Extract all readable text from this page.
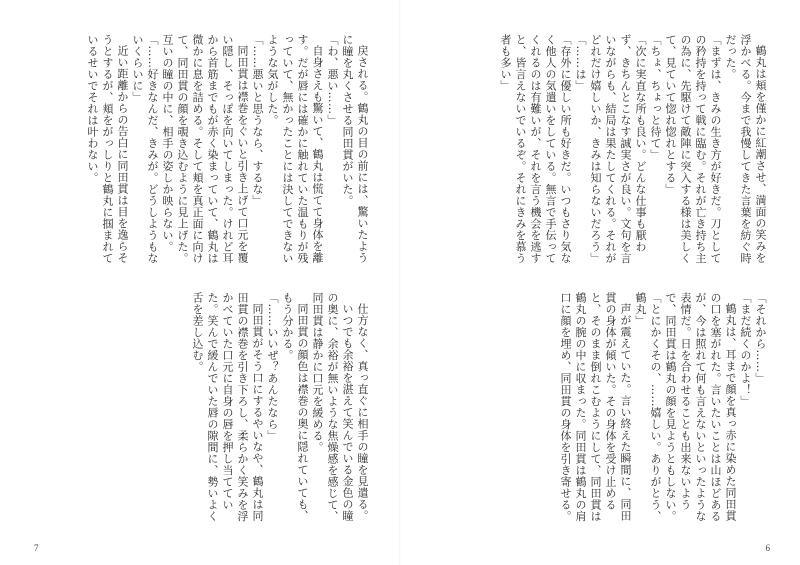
鶴丸は頬を僅かに紅潮させ、満面の笑みを浮かべる。今まで我慢してきた言葉を紡ぐ時だった。

「まずは、きみの生き方が好きだ。刀としての矜持を持って戦に臨む。それが亡き持ち主の為に、先駆けて敵陣に突入する様は美しくて、見ていて惚れ惚れとする」

「ちょ、ちょっと待て」

「次に実直な所も良い。どんな仕事も厭わず、きちんとこなす誠実さが良い。文句を言いながらも、結局は果たしてくれる。それがどれだけ嬉しいか、きみは知らないだろう」

「……は」

「存外に優しい所も好きだ。いつもさり気なく他人の気遣いをしている。無言で手伝ってくれるのは有難いが、それを言う機会を逃すと、皆言えないでいるぞ。それにきみを慕う者も多い」

「それから……」

「まだ続くのかよ！」

鶴丸は、耳まで顔を真っ赤に染めた同田貫の口を塞がれた。言いたいことは山ほどあるが、今は照れて何も言えないといったような表情だ。日を合わせることも出来ないようで、同田貫は鶴丸の顔を見ようともしない。

「とにかくその、……嬉しい。ありがとう、鶴丸」

声が震えていた。言い終えた瞬間に、同田貫の身体が傾いた。その身体を受け止めると、そのまま倒れこむようにして、同田貫は鶴丸の腕の中に収まった。同田貫は鶴丸の肩口に顔を埋め、同田貫の身体を引き寄せる。

6

戻される。鶴丸の目の前には、驚いたように瞳を丸くさせる同田貫がいた。

「わ、悪い……」

自身さえも驚いて、鶴丸は慌てて身体を離す。だが唇には確かに触れていた温もりが残っていて、無かったことには決してできないような気がした。

「……悪いと思うなら、するな」

同田貫は襟巻をぐいと引き上げて口元を覆い隠し、そっぽを向いてしまった。けれど耳から首筋までもが赤く染まっていて、鶴丸は微かに息を詰める。そして頬を真正面に向けて、同田貫の顔を覗き込むように見上げた。互いの瞳の中に、相手の姿しか映らない。

「……好きなんだ、きみが。どうしようもないくらいに」

近い距離からの告白に同田貫は目を逸らそうとするが、頬をがっしりと鶴丸に掴まれているせいでそれは叶わない。

仕方なく、真っ直ぐに相手の瞳を見遣る。

いつでも余裕を湛えて笑んでいる金色の瞳の奥に、余裕が無いような焦燥感を感じて、同田貫は静かに口元を緩める。

同田貫の顔色は襟巻の奥に隠れていても、もう分かる。

「……いいぜ？あんたなら」

同田貫がそう口にするやいなや、鶴丸は同田貫の襟巻を引き下ろし、柔らかく笑みを浮かべていた口元に自身の唇を押し当てていた。笑んで緩んでいた唇の隙間に、勢いよく舌を差し込む。

7
